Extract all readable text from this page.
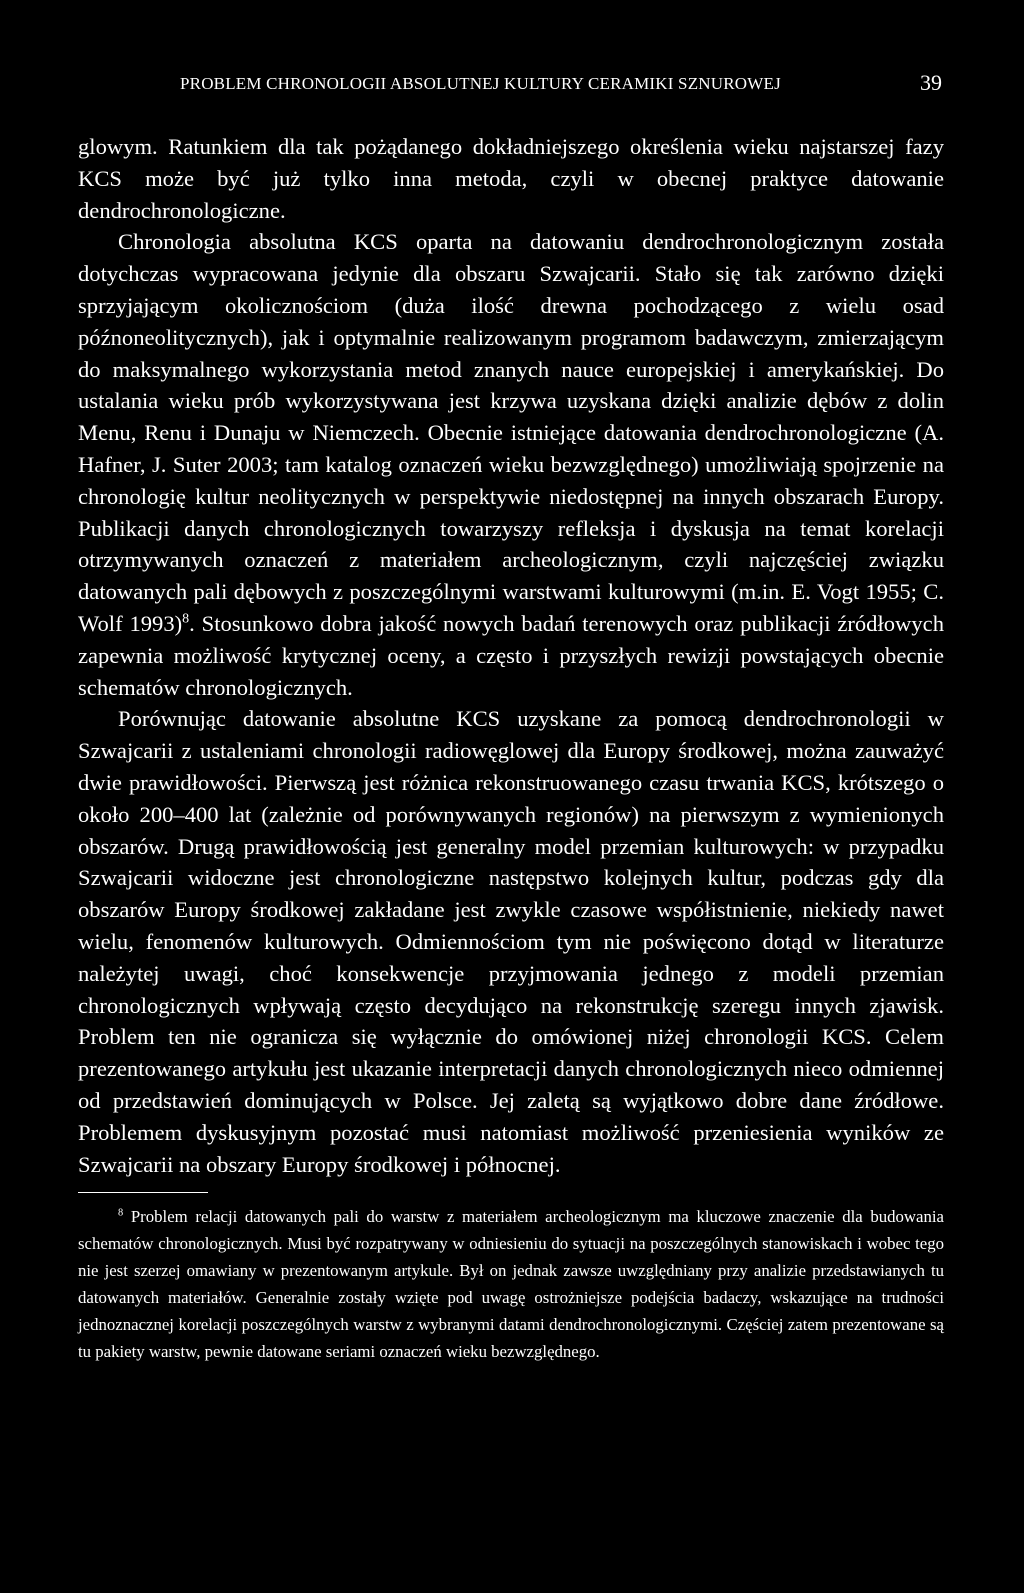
PROBLEM CHRONOLOGII ABSOLUTNEJ KULTURY CERAMIKI SZNUROWEJ	39

glowym. Ratunkiem dla tak pożądanego dokładniejszego określenia wieku najstarszej fazy KCS może być już tylko inna metoda, czyli w obecnej praktyce datowanie dendrochronologiczne.

Chronologia absolutna KCS oparta na datowaniu dendrochronologicznym została dotychczas wypracowana jedynie dla obszaru Szwajcarii. Stało się tak zarówno dzięki sprzyjającym okolicznościom (duża ilość drewna pochodzącego z wielu osad późnoneolitycznych), jak i optymalnie realizowanym programom badawczym, zmierzającym do maksymalnego wykorzystania metod znanych nauce europejskiej i amerykańskiej. Do ustalania wieku prób wykorzystywana jest krzywa uzyskana dzięki analizie dębów z dolin Menu, Renu i Dunaju w Niemczech. Obecnie istniejące datowania dendrochronologiczne (A. Hafner, J. Suter 2003; tam katalog oznaczeń wieku bezwzględnego) umożliwiają spojrzenie na chronologię kultur neolitycznych w perspektywie niedostępnej na innych obszarach Europy. Publikacji danych chronologicznych towarzyszy refleksja i dyskusja na temat korelacji otrzymywanych oznaczeń z materiałem archeologicznym, czyli najczęściej związku datowanych pali dębowych z poszczególnymi warstwami kulturowymi (m.in. E. Vogt 1955; C. Wolf 1993)$^8$. Stosunkowo dobra jakość nowych badań terenowych oraz publikacji źródłowych zapewnia możliwość krytycznej oceny, a często i przyszłych rewizji powstających obecnie schematów chronologicznych.

Porównując datowanie absolutne KCS uzyskane za pomocą dendrochronologii w Szwajcarii z ustaleniami chronologii radiowęglowej dla Europy środkowej, można zauważyć dwie prawidłowości. Pierwszą jest różnica rekonstruowanego czasu trwania KCS, krótszego o około 200–400 lat (zależnie od porównywanych regionów) na pierwszym z wymienionych obszarów. Drugą prawidłowością jest generalny model przemian kulturowych: w przypadku Szwajcarii widoczne jest chronologiczne następstwo kolejnych kultur, podczas gdy dla obszarów Europy środkowej zakładane jest zwykle czasowe współistnienie, niekiedy nawet wielu, fenomenów kulturowych. Odmiennościom tym nie poświęcono dotąd w literaturze należytej uwagi, choć konsekwencje przyjmowania jednego z modeli przemian chronologicznych wpływają często decydująco na rekonstrukcję szeregu innych zjawisk. Problem ten nie ogranicza się wyłącznie do omówionej niżej chronologii KCS. Celem prezentowanego artykułu jest ukazanie interpretacji danych chronologicznych nieco odmiennej od przedstawień dominujących w Polsce. Jej zaletą są wyjątkowo dobre dane źródłowe. Problemem dyskusyjnym pozostać musi natomiast możliwość przeniesienia wyników ze Szwajcarii na obszary Europy środkowej i północnej.

$^8$ Problem relacji datowanych pali do warstw z materiałem archeologicznym ma kluczowe znaczenie dla budowania schematów chronologicznych. Musi być rozpatrywany w odniesieniu do sytuacji na poszczególnych stanowiskach i wobec tego nie jest szerzej omawiany w prezentowanym artykule. Był on jednak zawsze uwzględniany przy analizie przedstawianych tu datowanych materiałów. Generalnie zostały wzięte pod uwagę ostrożniejsze podejścia badaczy, wskazujące na trudności jednoznacznej korelacji poszczególnych warstw z wybranymi datami dendrochronologicznymi. Częściej zatem prezentowane są tu pakiety warstw, pewnie datowane seriami oznaczeń wieku bezwzględnego.
